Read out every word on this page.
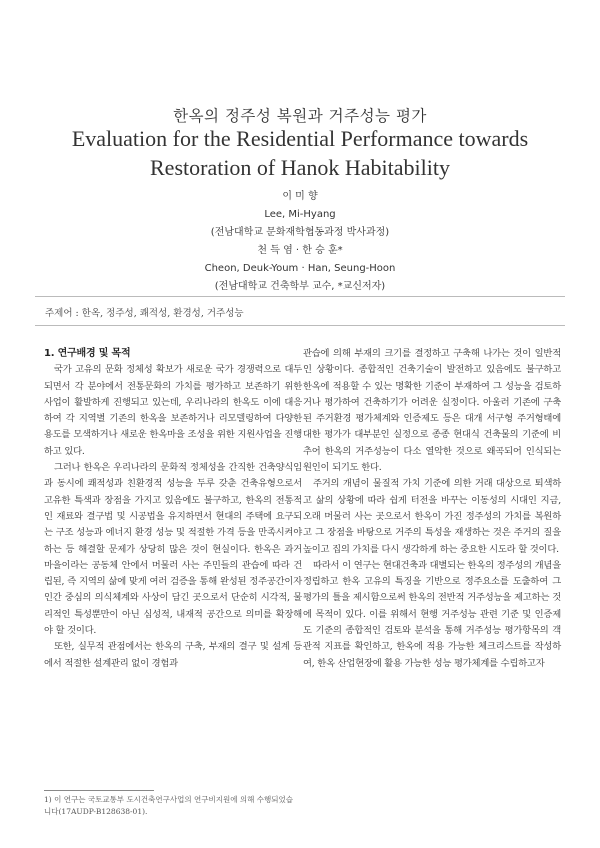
한옥의 정주성 복원과 거주성능 평가
Evaluation for the Residential Performance towards Restoration of Hanok Habitability
이 미 향
Lee, Mi-Hyang
(전남대학교 문화재학협동과정 박사과정)
천 득 염 · 한 승 훈*
Cheon, Deuk-Youm · Han, Seung-Hoon
(전남대학교 건축학부 교수, *교신저자)
주제어 : 한옥, 정주성, 쾌적성, 환경성, 거주성능
1. 연구배경 및 목적

국가 고유의 문화 정체성 확보가 새로운 국가 경쟁력으로 대두되면서 각 분야에서 전통문화의 가치를 평가하고 보존하기 위한 사업이 활발하게 진행되고 있는데, 우리나라의 한옥도 이에 대응하여 각 지역별 기존의 한옥을 보존하거나 리모델링하여 다양한 용도를 모색하거나 새로운 한옥마을 조성을 위한 지원사업을 진행하고 있다.

그러나 한옥은 우리나라의 문화적 정체성을 간직한 건축양식임과 동시에 쾌적성과 친환경적 성능을 두루 갖춘 건축유형으로서 고유한 특색과 장점을 가지고 있음에도 불구하고, 한옥의 전통적인 재료와 결구법 및 시공법을 유지하면서 현대의 주택에 요구되는 구조 성능과 에너지 환경 성능 및 적절한 가격 등을 만족시켜야 하는 등 해결할 문제가 상당히 많은 것이 현실이다. 한옥은 과거 마을이라는 공동체 안에서 머물러 사는 주민들의 관습에 따라 건립된, 즉 지역의 삶에 맞게 여러 검증을 통해 완성된 정주공간이자 인간 중심의 의식체계와 사상이 담긴 곳으로서 단순히 시각적, 물리적인 특성뿐만이 아닌 심성적, 내재적 공간으로 의미를 확장해야 할 것이다.

또한, 실무적 관점에서는 한옥의 구축, 부재의 결구 및 설계 등에서 적절한 설계관리 없이 경험과

관습에 의해 부재의 크기를 결정하고 구축해 나가는 것이 일반적인 상황이다. 종합적인 건축기술이 발전하고 있음에도 불구하고 한옥에 적용할 수 있는 명확한 기준이 부재하여 그 성능을 검토하거나 평가하여 건축하기가 어려운 실정이다. 아울러 기존에 구축된 주거환경 평가체계와 인증제도 등은 대개 서구형 주거형태에 대한 평가가 대부분인 실정으로 종종 현대식 건축물의 기준에 비추어 한옥의 거주성능이 다소 열악한 것으로 왜곡되어 인식되는 원인이 되기도 한다.

주거의 개념이 물질적 가치 기준에 의한 거래 대상으로 퇴색하고 삶의 상황에 따라 쉽게 터전을 바꾸는 이동성의 시대인 지금, 오래 머물러 사는 곳으로서 한옥이 가진 정주성의 가치를 복원하고 그 장점을 바탕으로 거주의 특성을 재생하는 것은 주거의 질을 높이고 집의 가치를 다시 생각하게 하는 중요한 시도라 할 것이다.

따라서 이 연구는 현대건축과 대별되는 한옥의 정주성의 개념을 정립하고 한옥 고유의 특징을 기반으로 정주요소를 도출하여 그 평가의 틀을 제시함으로써 한옥의 전반적 거주성능을 제고하는 것에 목적이 있다. 이를 위해서 현행 거주성능 관련 기준 및 인증제도 기준의 종합적인 검토와 분석을 통해 거주성능 평가항목의 객관적 지표를 확인하고, 한옥에 적용 가능한 체크리스트를 작성하여, 한옥 산업현장에 활용 가능한 성능 평가체계를 수립하고자

1) 이 연구는 국토교통부 도시건축연구사업의 연구비지원에 의해 수행되었습니다(17AUDP-B128638-01).
